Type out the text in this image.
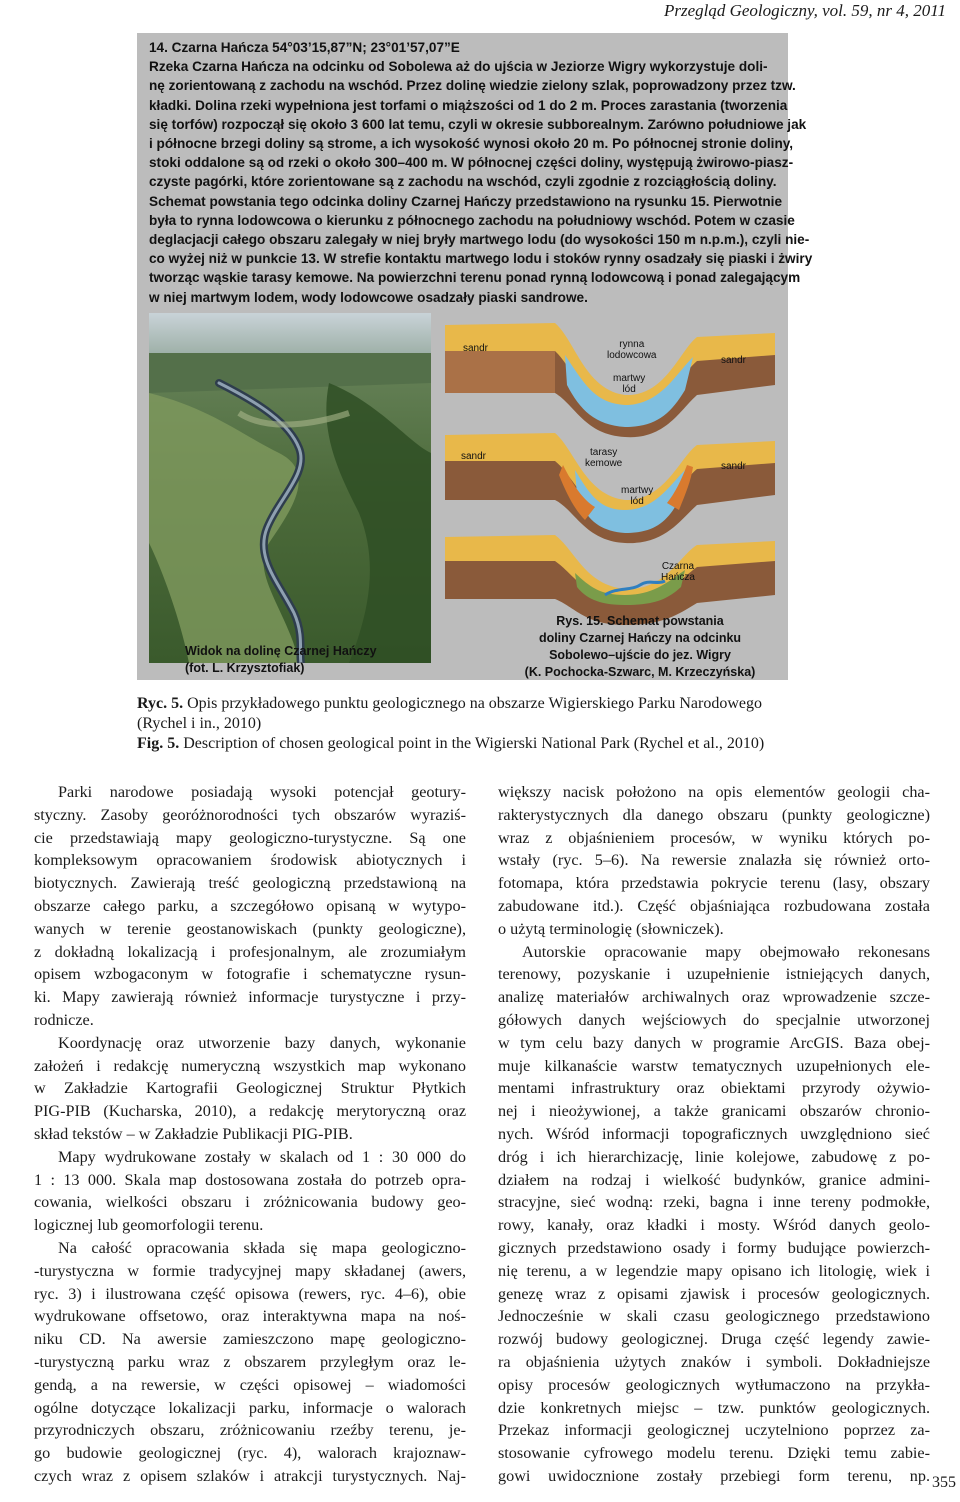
Przegląd Geologiczny, vol. 59, nr 4, 2011
14. Czarna Hańcza 54°03’15,87”N; 23°01’57,07”E
Rzeka Czarna Hańcza na odcinku od Sobolewa aż do ujścia w Jeziorze Wigry wykorzystuje doli-
nę zorientowaną z zachodu na wschód. Przez dolinę wiedzie zielony szlak, poprowadzony przez tzw.
kładki. Dolina rzeki wypełniona jest torfami o miąższości od 1 do 2 m. Proces zarastania (tworzenia
się torfów) rozpoczął się około 3 600 lat temu, czyli w okresie subborealnym. Zarówno południowe jak
i północne brzegi doliny są strome, a ich wysokość wynosi około 20 m. Po północnej stronie doliny,
stoki oddalone są od rzeki o około 300–400 m. W północnej części doliny, występują żwirowo-piasz-
czyste pagórki, które zorientowane są z zachodu na wschód, czyli zgodnie z rozciągłością doliny.
Schemat powstania tego odcinka doliny Czarnej Hańczy przedstawiono na rysunku 15. Pierwotnie
była to rynna lodowcowa o kierunku z północnego zachodu na południowy wschód. Potem w czasie
deglacjacji całego obszaru zalegały w niej bryły martwego lodu (do wysokości 150 m n.p.m.), czyli nie-
co wyżej niż w punkcie 13. W strefie kontaktu martwego lodu i stoków rynny osadzały się piaski i żwiry
tworząc wąskie tarasy kemowe. Na powierzchni terenu ponad rynną lodowcową i ponad zalegającym
w niej martwym lodem, wody lodowcowe osadzały piaski sandrowe.
Widok na dolinę Czarnej Hańczy
(fot. L. Krzysztofiak)
sandr
sandr
rynna
lodowcowa
martwy
lód
sandr
sandr
tarasy
kemowe
martwy
lód
Czarna
Hańcza
Rys. 15. Schemat powstania
doliny Czarnej Hańczy na odcinku
Sobolewo–ujście do jez. Wigry
(K. Pochocka-Szwarc, M. Krzeczyńska)
Ryc. 5. Opis przykładowego punktu geologicznego na obszarze Wigierskiego Parku Narodowego
(Rychel i in., 2010)
Fig. 5. Description of chosen geological point in the Wigierski National Park (Rychel et al., 2010)
Parki narodowe posiadają wysoki potencjał geotury-
styczny. Zasoby georóżnorodności tych obszarów wyraziś-
cie przedstawiają mapy geologiczno-turystyczne. Są one
kompleksowym opracowaniem środowisk abiotycznych i
biotycznych. Zawierają treść geologiczną przedstawioną na
obszarze całego parku, a szczegółowo opisaną w wytypo-
wanych w terenie geostanowiskach (punkty geologiczne),
z dokładną lokalizacją i profesjonalnym, ale zrozumiałym
opisem wzbogaconym w fotografie i schematyczne rysun-
ki. Mapy zawierają również informacje turystyczne i przy-
rodnicze.
Koordynację oraz utworzenie bazy danych, wykonanie
założeń i redakcję numeryczną wszystkich map wykonano
w Zakładzie Kartografii Geologicznej Struktur Płytkich
PIG-PIB (Kucharska, 2010), a redakcję merytoryczną oraz
skład tekstów – w Zakładzie Publikacji PIG-PIB.
Mapy wydrukowane zostały w skalach od 1 : 30 000 do
1 : 13 000. Skala map dostosowana została do potrzeb opra-
cowania, wielkości obszaru i zróżnicowania budowy geo-
logicznej lub geomorfologii terenu.
Na całość opracowania składa się mapa geologiczno-
-turystyczna w formie tradycyjnej mapy składanej (awers,
ryc. 3) i ilustrowana część opisowa (rewers, ryc. 4–6), obie
wydrukowane offsetowo, oraz interaktywna mapa na noś-
niku CD. Na awersie zamieszczono mapę geologiczno-
-turystyczną parku wraz z obszarem przyległym oraz le-
gendą, a na rewersie, w części opisowej – wiadomości
ogólne dotyczące lokalizacji parku, informacje o walorach
przyrodniczych obszaru, zróżnicowaniu rzeźby terenu, je-
go budowie geologicznej (ryc. 4), walorach krajoznaw-
czych wraz z opisem szlaków i atrakcji turystycznych. Naj-
większy nacisk położono na opis elementów geologii cha-
rakterystycznych dla danego obszaru (punkty geologiczne)
wraz z objaśnieniem procesów, w wyniku których po-
wstały (ryc. 5–6). Na rewersie znalazła się również orto-
fotomapa, która przedstawia pokrycie terenu (lasy, obszary
zabudowane itd.). Część objaśniająca rozbudowana została
o użytą terminologię (słowniczek).
Autorskie opracowanie mapy obejmowało rekonesans
terenowy, pozyskanie i uzupełnienie istniejących danych,
analizę materiałów archiwalnych oraz wprowadzenie szcze-
gółowych danych wejściowych do specjalnie utworzonej
w tym celu bazy danych w programie ArcGIS. Baza obej-
muje kilkanaście warstw tematycznych uzupełnionych ele-
mentami infrastruktury oraz obiektami przyrody ożywio-
nej i nieożywionej, a także granicami obszarów chronio-
nych. Wśród informacji topograficznych uwzględniono sieć
dróg i ich hierarchizację, linie kolejowe, zabudowę z po-
działem na rodzaj i wielkość budynków, granice admini-
stracyjne, sieć wodną: rzeki, bagna i inne tereny podmokłe,
rowy, kanały, oraz kładki i mosty. Wśród danych geolo-
gicznych przedstawiono osady i formy budujące powierzch-
nię terenu, a w legendzie mapy opisano ich litologię, wiek i
genezę wraz z opisami zjawisk i procesów geologicznych.
Jednocześnie w skali czasu geologicznego przedstawiono
rozwój budowy geologicznej. Druga część legendy zawie-
ra objaśnienia użytych znaków i symboli. Dokładniejsze
opisy procesów geologicznych wytłumaczono na przykła-
dzie konkretnych miejsc – tzw. punktów geologicznych.
Przekaz informacji geologicznej uczytelniono poprzez za-
stosowanie cyfrowego modelu terenu. Dzięki temu zabie-
gowi uwidocznione zostały przebiegi form terenu, np. 355
